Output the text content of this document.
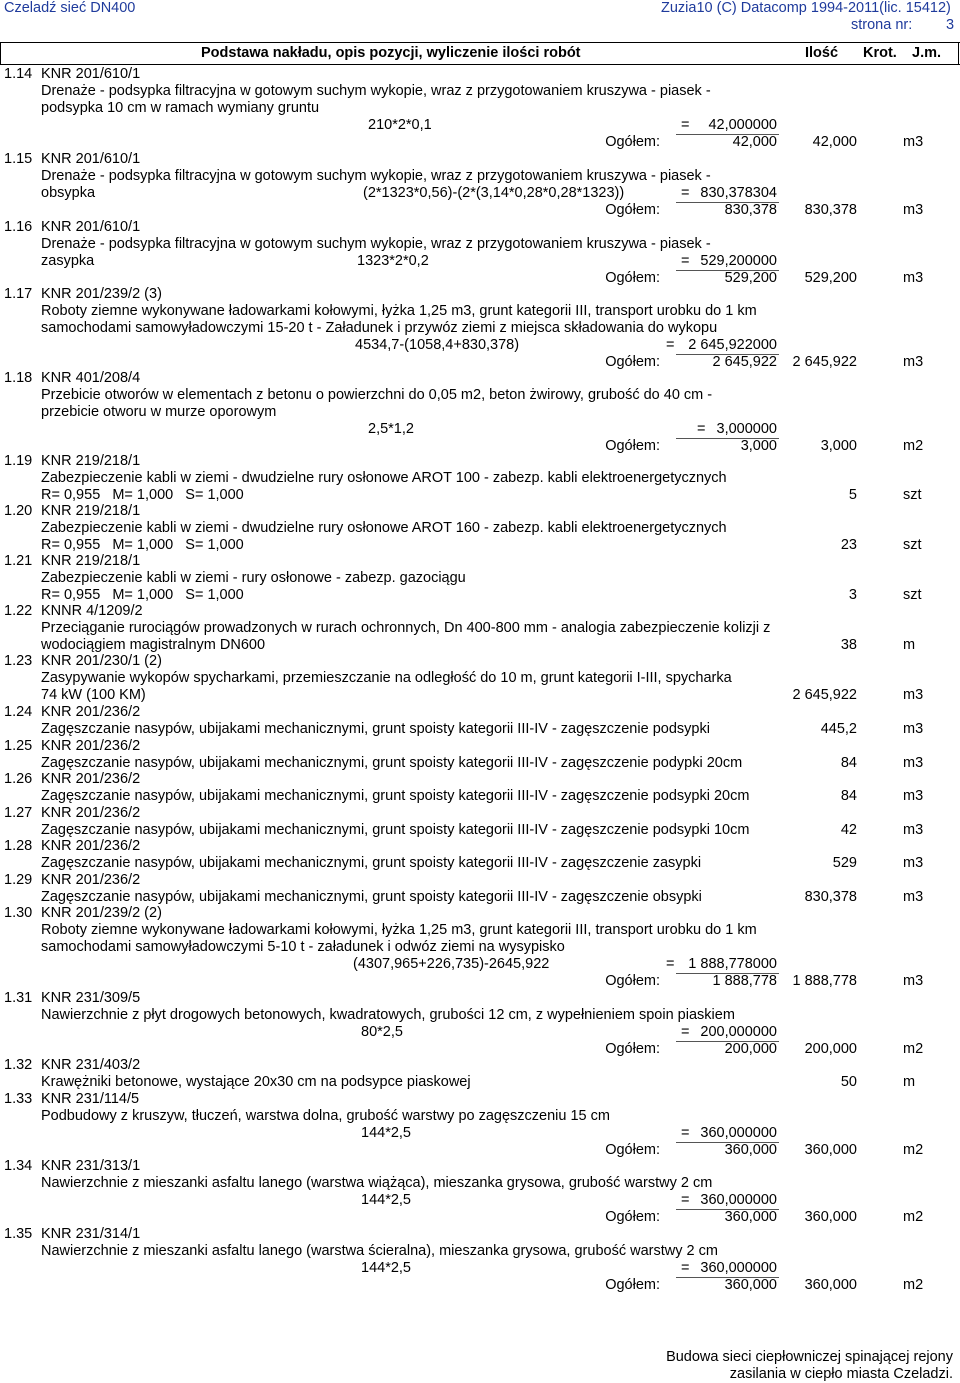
Czeladź sieć DN400	Zuzia10 (C) Datacomp 1994-2011(lic. 15412)
strona nr: 3
Podstawa nakładu, opis pozycji, wyliczenie ilości robót	Ilość Krot. J.m.
1.14 KNR 201/610/1
Drenaże - podsypka filtracyjna w gotowym suchym wykopie, wraz z przygotowaniem kruszywa - piasek - podsypka 10 cm w ramach wymiany gruntu
210*2*0,1	= 42,000000
Ogółem:	42,000 42,000	m3
1.15 KNR 201/610/1
Drenaże - podsypka filtracyjna w gotowym suchym wykopie, wraz z przygotowaniem kruszywa - piasek - obsypka	(2*1323*0,56)-(2*(3,14*0,28*0,28*1323))	= 830,378304
Ogółem:	830,378 830,378	m3
1.16 KNR 201/610/1
Drenaże - podsypka filtracyjna w gotowym suchym wykopie, wraz z przygotowaniem kruszywa - piasek - zasypka	1323*2*0,2	= 529,200000
Ogółem:	529,200 529,200	m3
1.17 KNR 201/239/2 (3)
Roboty ziemne wykonywane ładowarkami kołowymi, łyżka 1,25 m3, grunt kategorii III, transport urobku do 1 km samochodami samowyładowczymi 15-20 t - Załadunek i przywóz ziemi z miejsca składowania do wykopu
4534,7-(1058,4+830,378)	= 2 645,922000
Ogółem:	2 645,922 2 645,922	m3
1.18 KNR 401/208/4
Przebicie otworów w elementach z betonu o powierzchni do 0,05 m2, beton żwirowy, grubość do 40 cm - przebicie otworu w murze oporowym
2,5*1,2	= 3,000000
Ogółem:	3,000	3,000	m2
1.19 KNR 219/218/1
Zabezpieczenie kabli w ziemi - dwudzielne rury osłonowe AROT 100 - zabezp. kabli elektroenergetycznych
R= 0,955   M= 1,000   S= 1,000	5	szt
1.20 KNR 219/218/1
Zabezpieczenie kabli w ziemi - dwudzielne rury osłonowe AROT 160 - zabezp. kabli elektroenergetycznych
R= 0,955   M= 1,000   S= 1,000	23	szt
1.21 KNR 219/218/1
Zabezpieczenie kabli w ziemi - rury osłonowe - zabezp. gazociągu
R= 0,955   M= 1,000   S= 1,000	3	szt
1.22 KNNR 4/1209/2
Przeciąganie rurociągów prowadzonych w rurach ochronnych, Dn 400-800 mm - analogia zabezpieczenie kolizji z wodociągiem magistralnym DN600	38	m
1.23 KNR 201/230/1 (2)
Zasypywanie wykopów spycharkami, przemieszczanie na odległość do 10 m, grunt kategorii I-III, spycharka 74 kW (100 KM)	2 645,922	m3
1.24 KNR 201/236/2
Zagęszczanie nasypów, ubijakami mechanicznymi, grunt spoisty kategorii III-IV - zagęszczenie podsypki	445,2	m3
1.25 KNR 201/236/2
Zagęszczanie nasypów, ubijakami mechanicznymi, grunt spoisty kategorii III-IV - zagęszczenie podypki 20cm	84	m3
1.26 KNR 201/236/2
Zagęszczanie nasypów, ubijakami mechanicznymi, grunt spoisty kategorii III-IV - zagęszczenie podsypki 20cm	84	m3
1.27 KNR 201/236/2
Zagęszczanie nasypów, ubijakami mechanicznymi, grunt spoisty kategorii III-IV - zagęszczenie podsypki 10cm	42	m3
1.28 KNR 201/236/2
Zagęszczanie nasypów, ubijakami mechanicznymi, grunt spoisty kategorii III-IV - zagęszczenie zasypki	529	m3
1.29 KNR 201/236/2
Zagęszczanie nasypów, ubijakami mechanicznymi, grunt spoisty kategorii III-IV - zagęszczenie obsypki	830,378	m3
1.30 KNR 201/239/2 (2)
Roboty ziemne wykonywane ładowarkami kołowymi, łyżka 1,25 m3, grunt kategorii III, transport urobku do 1 km samochodami samowyładowczymi 5-10 t - załadunek i odwóz ziemi na wysypisko
(4307,965+226,735)-2645,922	= 1 888,778000
Ogółem:	1 888,778 1 888,778	m3
1.31 KNR 231/309/5
Nawierzchnie z płyt drogowych betonowych, kwadratowych, grubości 12 cm, z wypełnieniem spoin piaskiem
80*2,5	= 200,000000
Ogółem:	200,000 200,000	m2
1.32 KNR 231/403/2
Krawężniki betonowe, wystające 20x30 cm na podsypce piaskowej	50	m
1.33 KNR 231/114/5
Podbudowy z kruszyw, tłuczeń, warstwa dolna, grubość warstwy po zagęszczeniu 15 cm
144*2,5	= 360,000000
Ogółem:	360,000 360,000	m2
1.34 KNR 231/313/1
Nawierzchnie z mieszanki asfaltu lanego (warstwa wiążąca), mieszanka grysowa, grubość warstwy 2 cm
144*2,5	= 360,000000
Ogółem:	360,000 360,000	m2
1.35 KNR 231/314/1
Nawierzchnie z mieszanki asfaltu lanego (warstwa ścieralna), mieszanka grysowa, grubość warstwy 2 cm
144*2,5	= 360,000000
Ogółem:	360,000 360,000	m2
Budowa sieci ciepłowniczej spinającej rejony
zasilania w ciepło miasta Czeladzi.
